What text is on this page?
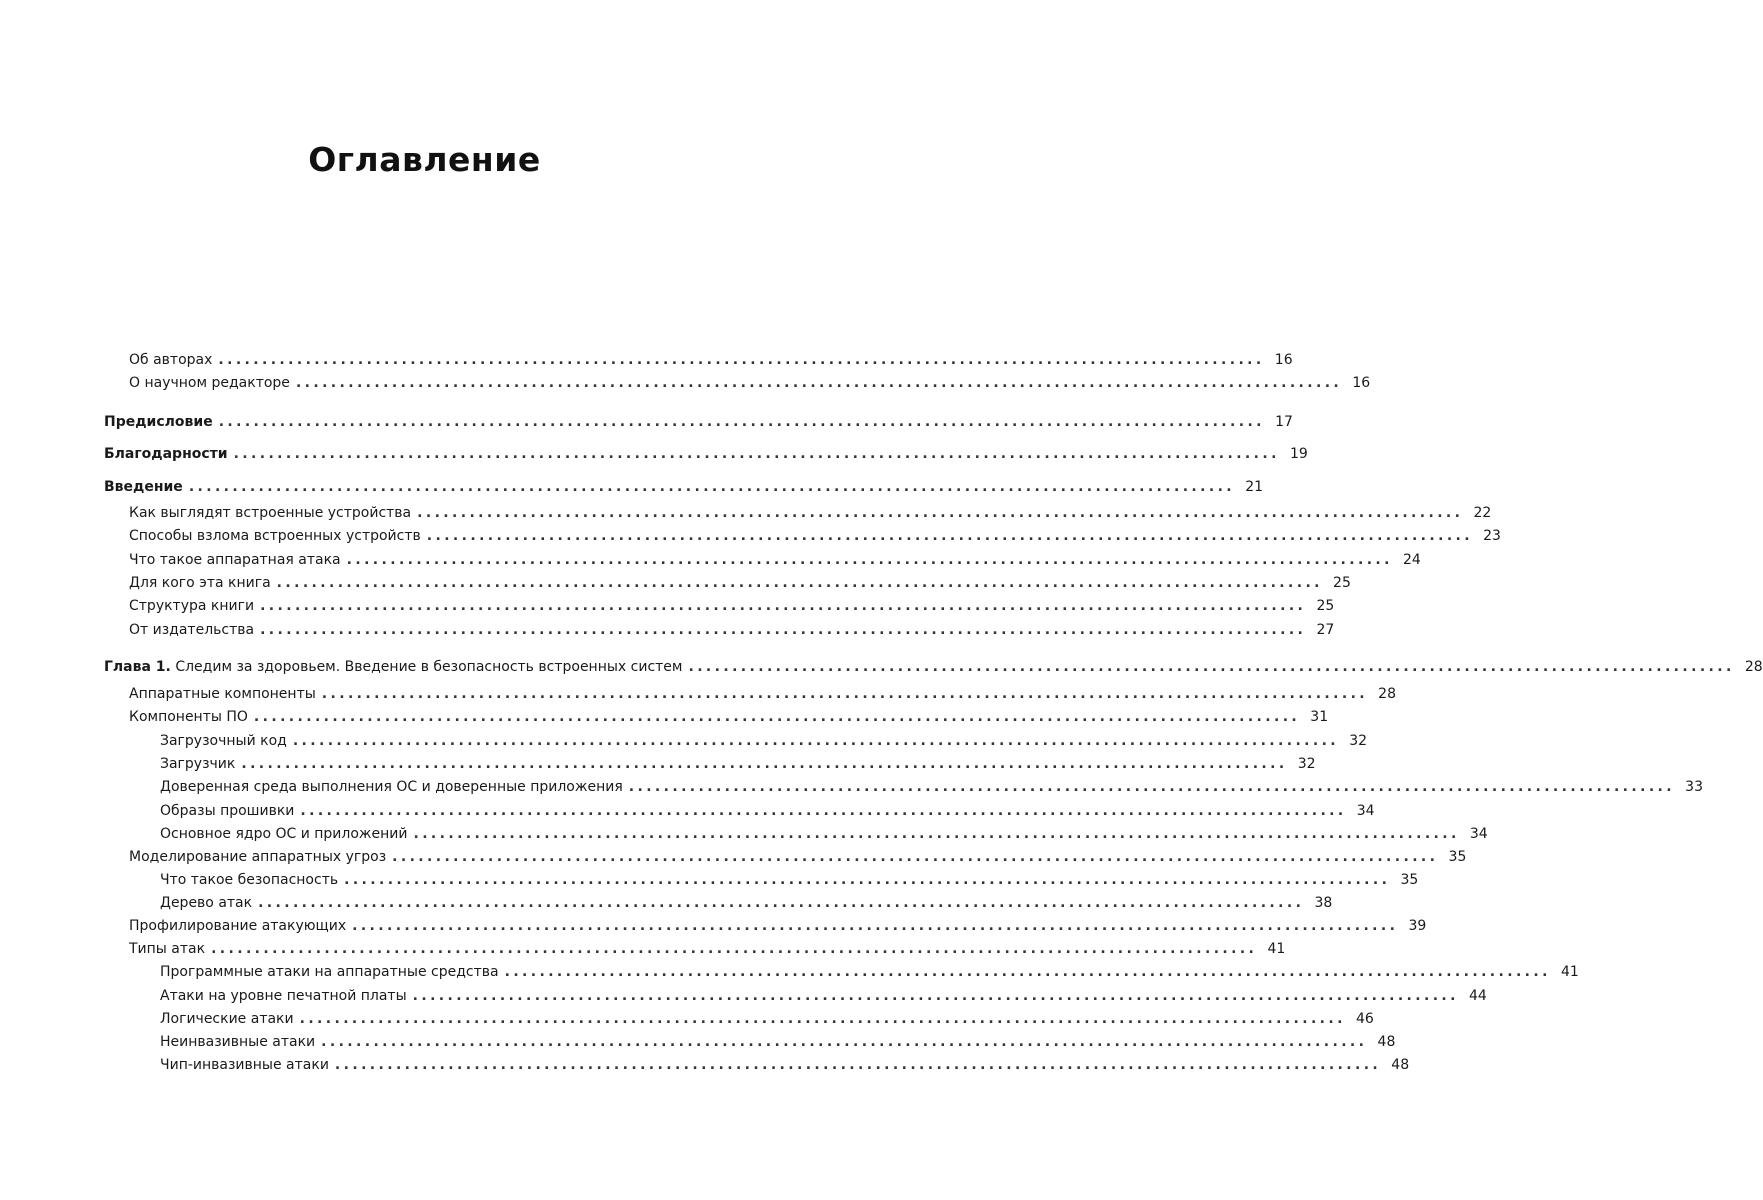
Оглавление
Об авторах ........................................................................................................................ 16
О научном редакторе ........................................................................................................................ 16
Предисловие ........................................................................................................................ 17
Благодарности ........................................................................................................................ 19
Введение ........................................................................................................................ 21
Как выглядят встроенные устройства ........................................................................................................................ 22
Способы взлома встроенных устройств ........................................................................................................................ 23
Что такое аппаратная атака ........................................................................................................................ 24
Для кого эта книга ........................................................................................................................ 25
Структура книги ........................................................................................................................ 25
От издательства ........................................................................................................................ 27
Глава 1. Следим за здоровьем. Введение в безопасность встроенных систем ........................................................................................................................ 28
Аппаратные компоненты ........................................................................................................................ 28
Компоненты ПО ........................................................................................................................ 31
Загрузочный код ........................................................................................................................ 32
Загрузчик ........................................................................................................................ 32
Доверенная среда выполнения ОС и доверенные приложения ........................................................................................................................ 33
Образы прошивки ........................................................................................................................ 34
Основное ядро ОС и приложений ........................................................................................................................ 34
Моделирование аппаратных угроз ........................................................................................................................ 35
Что такое безопасность ........................................................................................................................ 35
Дерево атак ........................................................................................................................ 38
Профилирование атакующих ........................................................................................................................ 39
Типы атак ........................................................................................................................ 41
Программные атаки на аппаратные средства ........................................................................................................................ 41
Атаки на уровне печатной платы ........................................................................................................................ 44
Логические атаки ........................................................................................................................ 46
Неинвазивные атаки ........................................................................................................................ 48
Чип-инвазивные атаки ........................................................................................................................ 48
